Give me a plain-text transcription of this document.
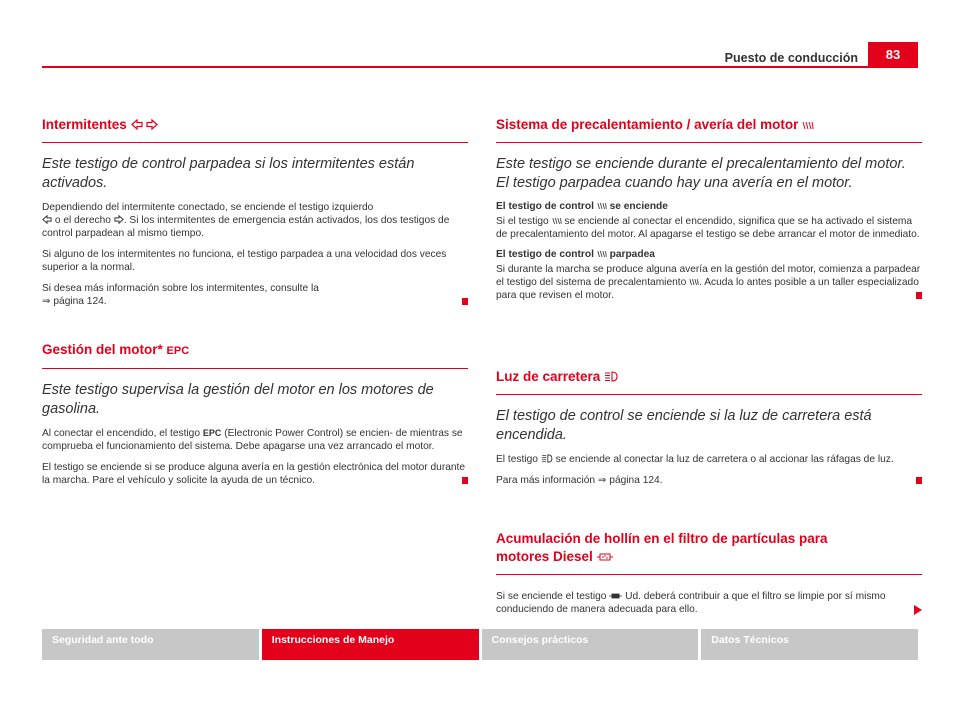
Puesto de conducción	83
Intermitentes
Este testigo de control parpadea si los intermitentes están activados.
Dependiendo del intermitente conectado, se enciende el testigo izquierdo
o el derecho . Si los intermitentes de emergencia están activados, los dos testigos de control parpadean al mismo tiempo.
Si alguno de los intermitentes no funciona, el testigo parpadea a una velocidad dos veces superior a la normal.
Si desea más información sobre los intermitentes, consulte la
⇒ página 124.
Gestión del motor* EPC
Este testigo supervisa la gestión del motor en los motores de gasolina.
Al conectar el encendido, el testigo EPC (Electronic Power Control) se encien- de mientras se comprueba el funcionamiento del sistema. Debe apagarse una vez arrancado el motor.
El testigo se enciende si se produce alguna avería en la gestión electrónica del motor durante la marcha. Pare el vehículo y solicite la ayuda de un técnico.
Sistema de precalentamiento / avería del motor
Este testigo se enciende durante el precalentamiento del motor. El testigo parpadea cuando hay una avería en el motor.
El testigo de control se enciende
Si el testigo se enciende al conectar el encendido, significa que se ha activado el sistema de precalentamiento del motor. Al apagarse el testigo se debe arrancar el motor de inmediato.
El testigo de control parpadea
Si durante la marcha se produce alguna avería en la gestión del motor, comienza a parpadear el testigo del sistema de precalentamiento . Acuda lo antes posible a un taller especializado para que revisen el motor.
Luz de carretera
El testigo de control se enciende si la luz de carretera está encendida.
El testigo se enciende al conectar la luz de carretera o al accionar las ráfagas de luz.
Para más información ⇒ página 124.
Acumulación de hollín en el filtro de partículas para
motores Diesel
Si se enciende el testigo Ud. deberá contribuir a que el filtro se limpie por sí mismo conduciendo de manera adecuada para ello.
Seguridad ante todo	Instrucciones de Manejo	Consejos prácticos	Datos Técnicos
